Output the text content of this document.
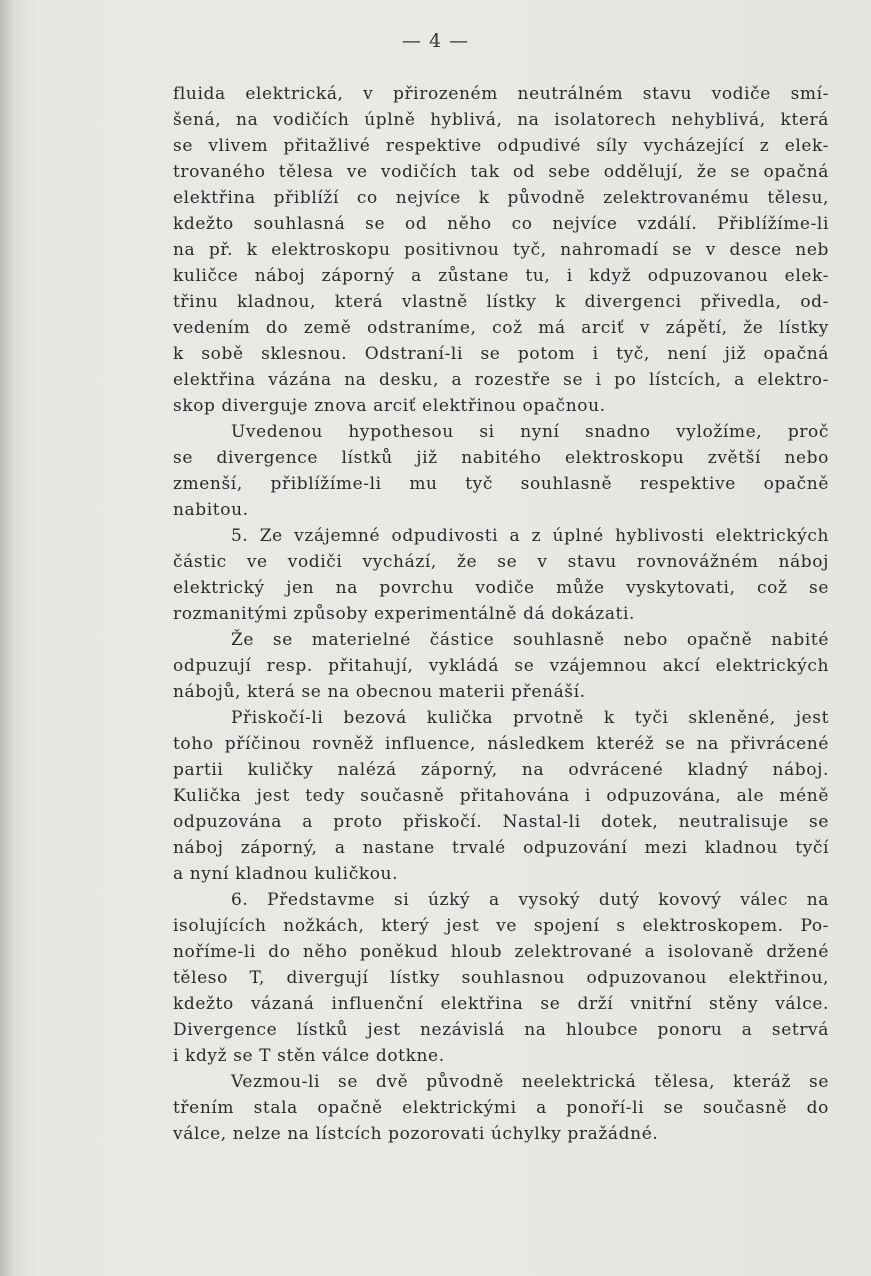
— 4 —
fluida elektrická, v přirozeném neutrálném stavu vodiče smí-
šená, na vodičích úplně hyblivá, na isolatorech nehyblivá, která
se vlivem přitažlivé respektive odpudivé síly vycházející z elek-
trovaného tělesa ve vodičích tak od sebe oddělují, že se opačná
elektřina přiblíží co nejvíce k původně zelektrovanému tělesu,
kdežto souhlasná se od něho co nejvíce vzdálí. Přiblížíme-li
na př. k elektroskopu positivnou tyč, nahromadí se v desce neb
kuličce náboj záporný a zůstane tu, i když odpuzovanou elek-
třinu kladnou, která vlastně lístky k divergenci přivedla, od-
vedením do země odstraníme, což má arciť v zápětí, že lístky
k sobě sklesnou. Odstraní-li se potom i tyč, není již opačná
elektřina vázána na desku, a rozestře se i po lístcích, a elektro-
skop diverguje znova arciť elektřinou opačnou.
Uvedenou hypothesou si nyní snadno vyložíme, proč
se divergence lístků již nabitého elektroskopu zvětší nebo
zmenší, přiblížíme-li mu tyč souhlasně respektive opačně
nabitou.
5. Ze vzájemné odpudivosti a z úplné hyblivosti elektrických
částic ve vodiči vychází, že se v stavu rovnovážném náboj
elektrický jen na povrchu vodiče může vyskytovati, což se
rozmanitými způsoby experimentálně dá dokázati.
Že se materielné částice souhlasně nebo opačně nabité
odpuzují resp. přitahují, vykládá se vzájemnou akcí elektrických
nábojů, která se na obecnou materii přenáší.
Přiskočí-li bezová kulička prvotně k tyči skleněné, jest
toho příčinou rovněž influence, následkem kteréž se na přivrácené
partii kuličky nalézá záporný, na odvrácené kladný náboj.
Kulička jest tedy současně přitahována i odpuzována, ale méně
odpuzována a proto přiskočí. Nastal-li dotek, neutralisuje se
náboj záporný, a nastane trvalé odpuzování mezi kladnou tyčí
a nyní kladnou kuličkou.
6. Představme si úzký a vysoký dutý kovový válec na
isolujících nožkách, který jest ve spojení s elektroskopem. Po-
noříme-li do něho poněkud hloub zelektrované a isolovaně držené
těleso T, divergují lístky souhlasnou odpuzovanou elektřinou,
kdežto vázaná influenční elektřina se drží vnitřní stěny válce.
Divergence lístků jest nezávislá na hloubce ponoru a setrvá
i když se T stěn válce dotkne.
Vezmou-li se dvě původně neelektrická tělesa, kteráž se
třením stala opačně elektrickými a ponoří-li se současně do
válce, nelze na lístcích pozorovati úchylky pražádné.
